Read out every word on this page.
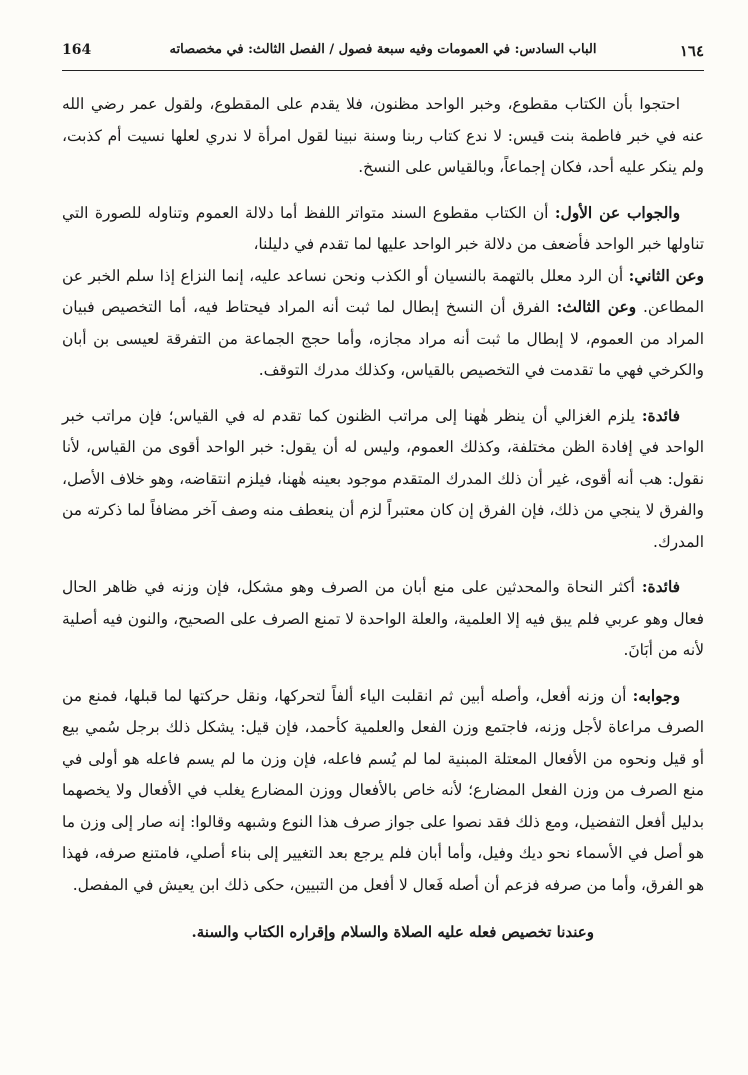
١٦٤
الباب السادس: في العمومات وفيه سبعة فصول / الفصل الثالث: في مخصصاته
164

احتجوا بأن الكتاب مقطوع، وخبر الواحد مظنون، فلا يقدم على المقطوع، ولقول عمر رضي الله عنه في خبر فاطمة بنت قيس: لا ندع كتاب ربنا وسنة نبينا لقول امرأة لا ندري لعلها نسيت أم كذبت، ولم ينكر عليه أحد، فكان إجماعاً، وبالقياس على النسخ.

والجواب عن الأول: أن الكتاب مقطوع السند متواتر اللفظ أما دلالة العموم وتناوله للصورة التي تناولها خبر الواحد فأضعف من دلالة خبر الواحد عليها لما تقدم في دليلنا،

وعن الثاني: أن الرد معلل بالتهمة بالنسيان أو الكذب ونحن نساعد عليه، إنما النزاع إذا سلم الخبر عن المطاعن. وعن الثالث: الفرق أن النسخ إبطال لما ثبت أنه المراد فيحتاط فيه، أما التخصيص فبيان المراد من العموم، لا إبطال ما ثبت أنه مراد مجازه، وأما حجج الجماعة من التفرقة لعيسى بن أبان والكرخي فهي ما تقدمت في التخصيص بالقياس، وكذلك مدرك التوقف.

فائدة: يلزم الغزالي أن ينظر هٰهنا إلى مراتب الظنون كما تقدم له في القياس؛ فإن مراتب خبر الواحد في إفادة الظن مختلفة، وكذلك العموم، وليس له أن يقول: خبر الواحد أقوى من القياس، لأنا نقول: هب أنه أقوى، غير أن ذلك المدرك المتقدم موجود بعينه هٰهنا، فيلزم انتقاضه، وهو خلاف الأصل، والفرق لا ينجي من ذلك، فإن الفرق إن كان معتبراً لزم أن ينعطف منه وصف آخر مضافاً لما ذكرته من المدرك.

فائدة: أكثر النحاة والمحدثين على منع أبان من الصرف وهو مشكل، فإن وزنه في ظاهر الحال فعال وهو عربي فلم يبق فيه إلا العلمية، والعلة الواحدة لا تمنع الصرف على الصحيح، والنون فيه أصلية لأنه من أبَانَ.

وجوابه: أن وزنه أفعل، وأصله أبين ثم انقلبت الياء ألفاً لتحركها، ونقل حركتها لما قبلها، فمنع من الصرف مراعاة لأجل وزنه، فاجتمع وزن الفعل والعلمية كأحمد، فإن قيل: يشكل ذلك برجل سُمي بيع أو قيل ونحوه من الأفعال المعتلة المبنية لما لم يُسم فاعله، فإن وزن ما لم يسم فاعله هو أولى في منع الصرف من وزن الفعل المضارع؛ لأنه خاص بالأفعال ووزن المضارع يغلب في الأفعال ولا يخصهما بدليل أفعل التفضيل، ومع ذلك فقد نصوا على جواز صرف هذا النوع وشبهه وقالوا: إنه صار إلى وزن ما هو أصل في الأسماء نحو ديك وفيل، وأما أبان فلم يرجع بعد التغيير إلى بناء أصلي، فامتنع صرفه، فهذا هو الفرق، وأما من صرفه فزعم أن أصله فَعال لا أفعل من التبيين، حكى ذلك ابن يعيش في المفصل.

وعندنا تخصيص فعله عليه الصلاة والسلام وإقراره الكتاب والسنة.
